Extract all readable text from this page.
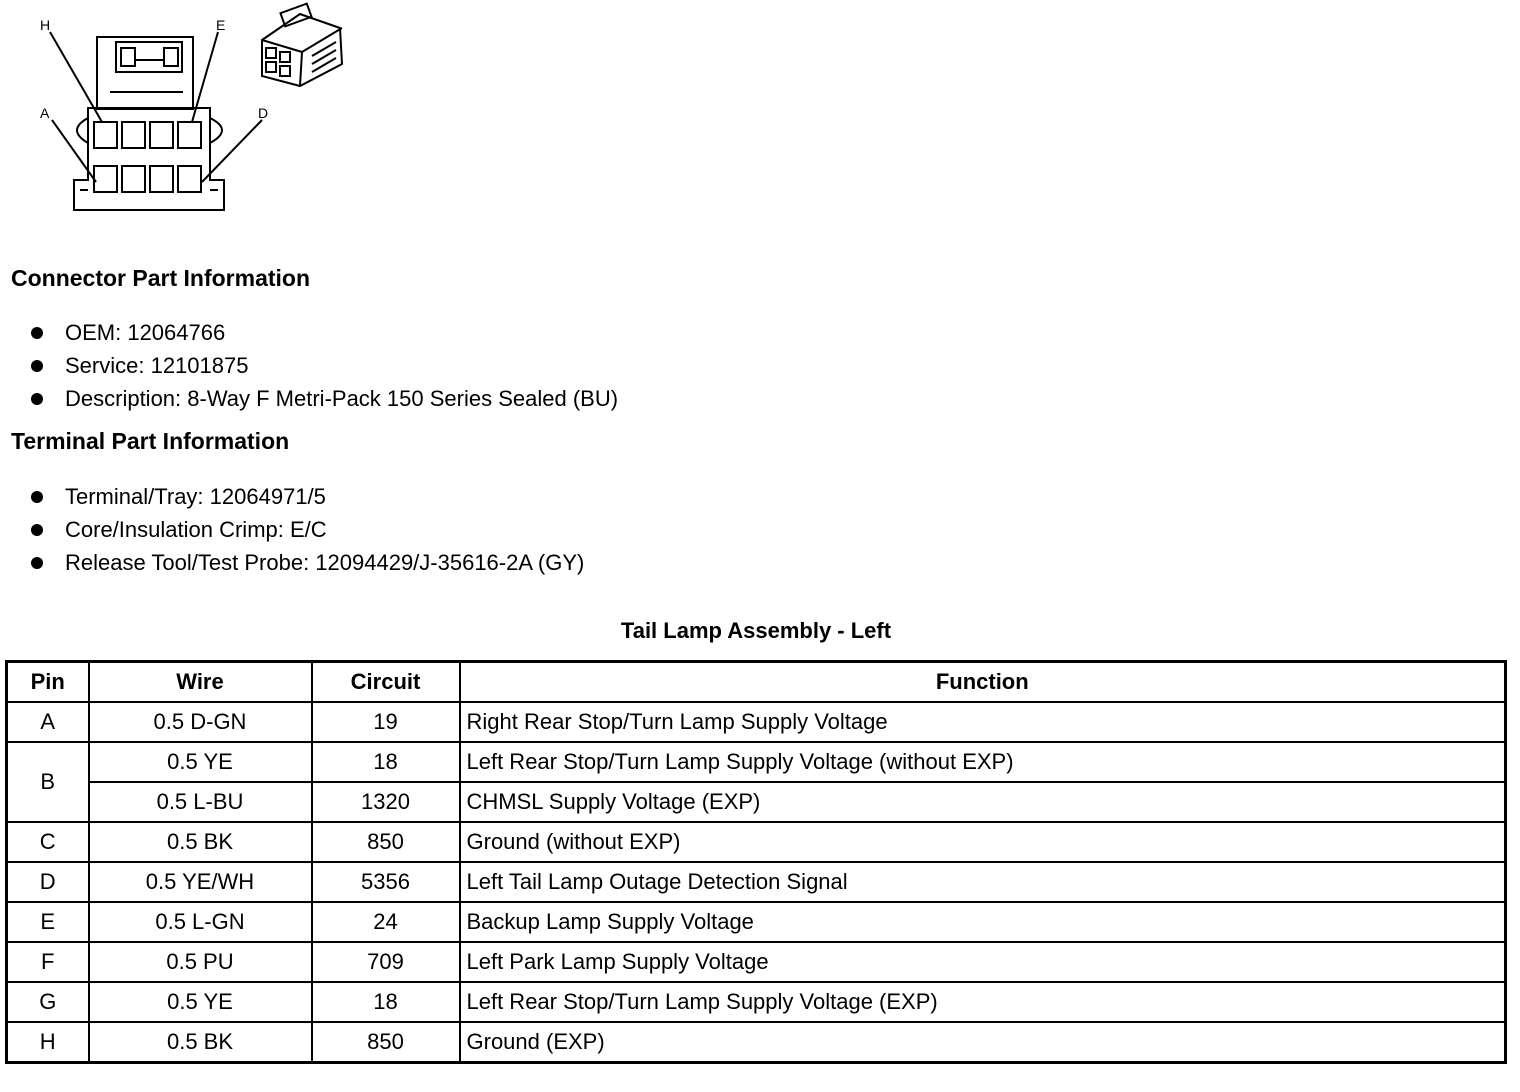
H	E
A	D
Connector Part Information
OEM: 12064766
Service: 12101875
Description: 8-Way F Metri-Pack 150 Series Sealed (BU)
Terminal Part Information
Terminal/Tray: 12064971/5
Core/Insulation Crimp: E/C
Release Tool/Test Probe: 12094429/J-35616-2A (GY)
Tail Lamp Assembly - Left
Pin	Wire	Circuit	Function
A	0.5 D-GN	19	Right Rear Stop/Turn Lamp Supply Voltage
B	0.5 YE	18	Left Rear Stop/Turn Lamp Supply Voltage (without EXP)
	0.5 L-BU	1320	CHMSL Supply Voltage (EXP)
C	0.5 BK	850	Ground (without EXP)
D	0.5 YE/WH	5356	Left Tail Lamp Outage Detection Signal
E	0.5 L-GN	24	Backup Lamp Supply Voltage
F	0.5 PU	709	Left Park Lamp Supply Voltage
G	0.5 YE	18	Left Rear Stop/Turn Lamp Supply Voltage (EXP)
H	0.5 BK	850	Ground (EXP)
